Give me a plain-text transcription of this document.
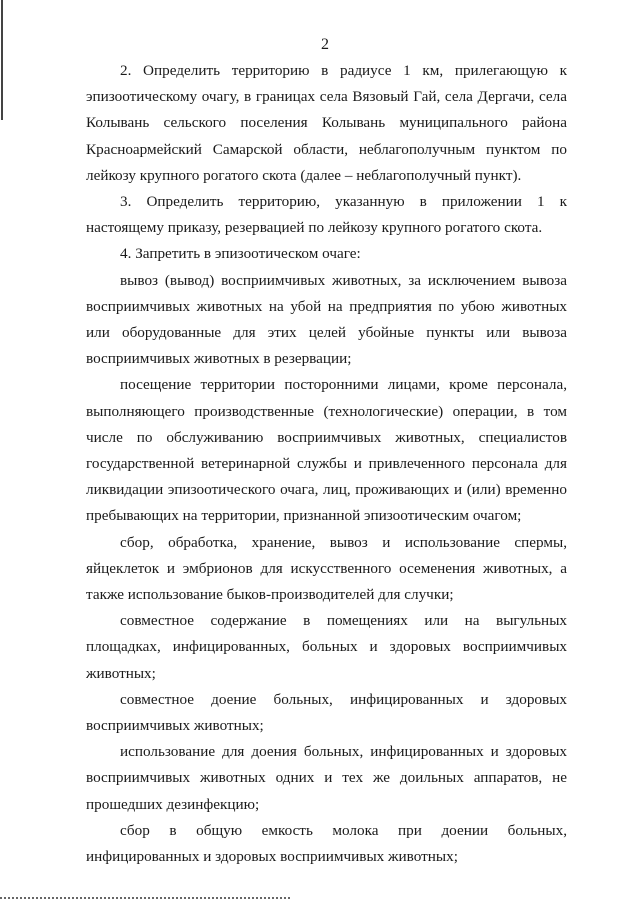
2

2. Определить территорию в радиусе 1 км, прилегающую к эпизоотическому очагу, в границах села Вязовый Гай, села Дергачи, села Колывань сельского поселения Колывань муниципального района Красноармейский Самарской области, неблагополучным пунктом по лейкозу крупного рогатого скота (далее – неблагополучный пункт).

3. Определить территорию, указанную в приложении 1 к настоящему приказу, резервацией по лейкозу крупного рогатого скота.

4. Запретить в эпизоотическом очаге:

вывоз (вывод) восприимчивых животных, за исключением вывоза восприимчивых животных на убой на предприятия по убою животных или оборудованные для этих целей убойные пункты или вывоза восприимчивых животных в резервации;

посещение территории посторонними лицами, кроме персонала, выполняющего производственные (технологические) операции, в том числе по обслуживанию восприимчивых животных, специалистов государственной ветеринарной службы и привлеченного персонала для ликвидации эпизоотического очага, лиц, проживающих и (или) временно пребывающих на территории, признанной эпизоотическим очагом;

сбор, обработка, хранение, вывоз и использование спермы, яйцеклеток и эмбрионов для искусственного осеменения животных, а также использование быков-производителей для случки;

совместное содержание в помещениях или на выгульных площадках, инфицированных, больных и здоровых восприимчивых животных;

совместное доение больных, инфицированных и здоровых восприимчивых животных;

использование для доения больных, инфицированных и здоровых восприимчивых животных одних и тех же доильных аппаратов, не прошедших дезинфекцию;

сбор в общую емкость молока при доении больных, инфицированных и здоровых восприимчивых животных;
